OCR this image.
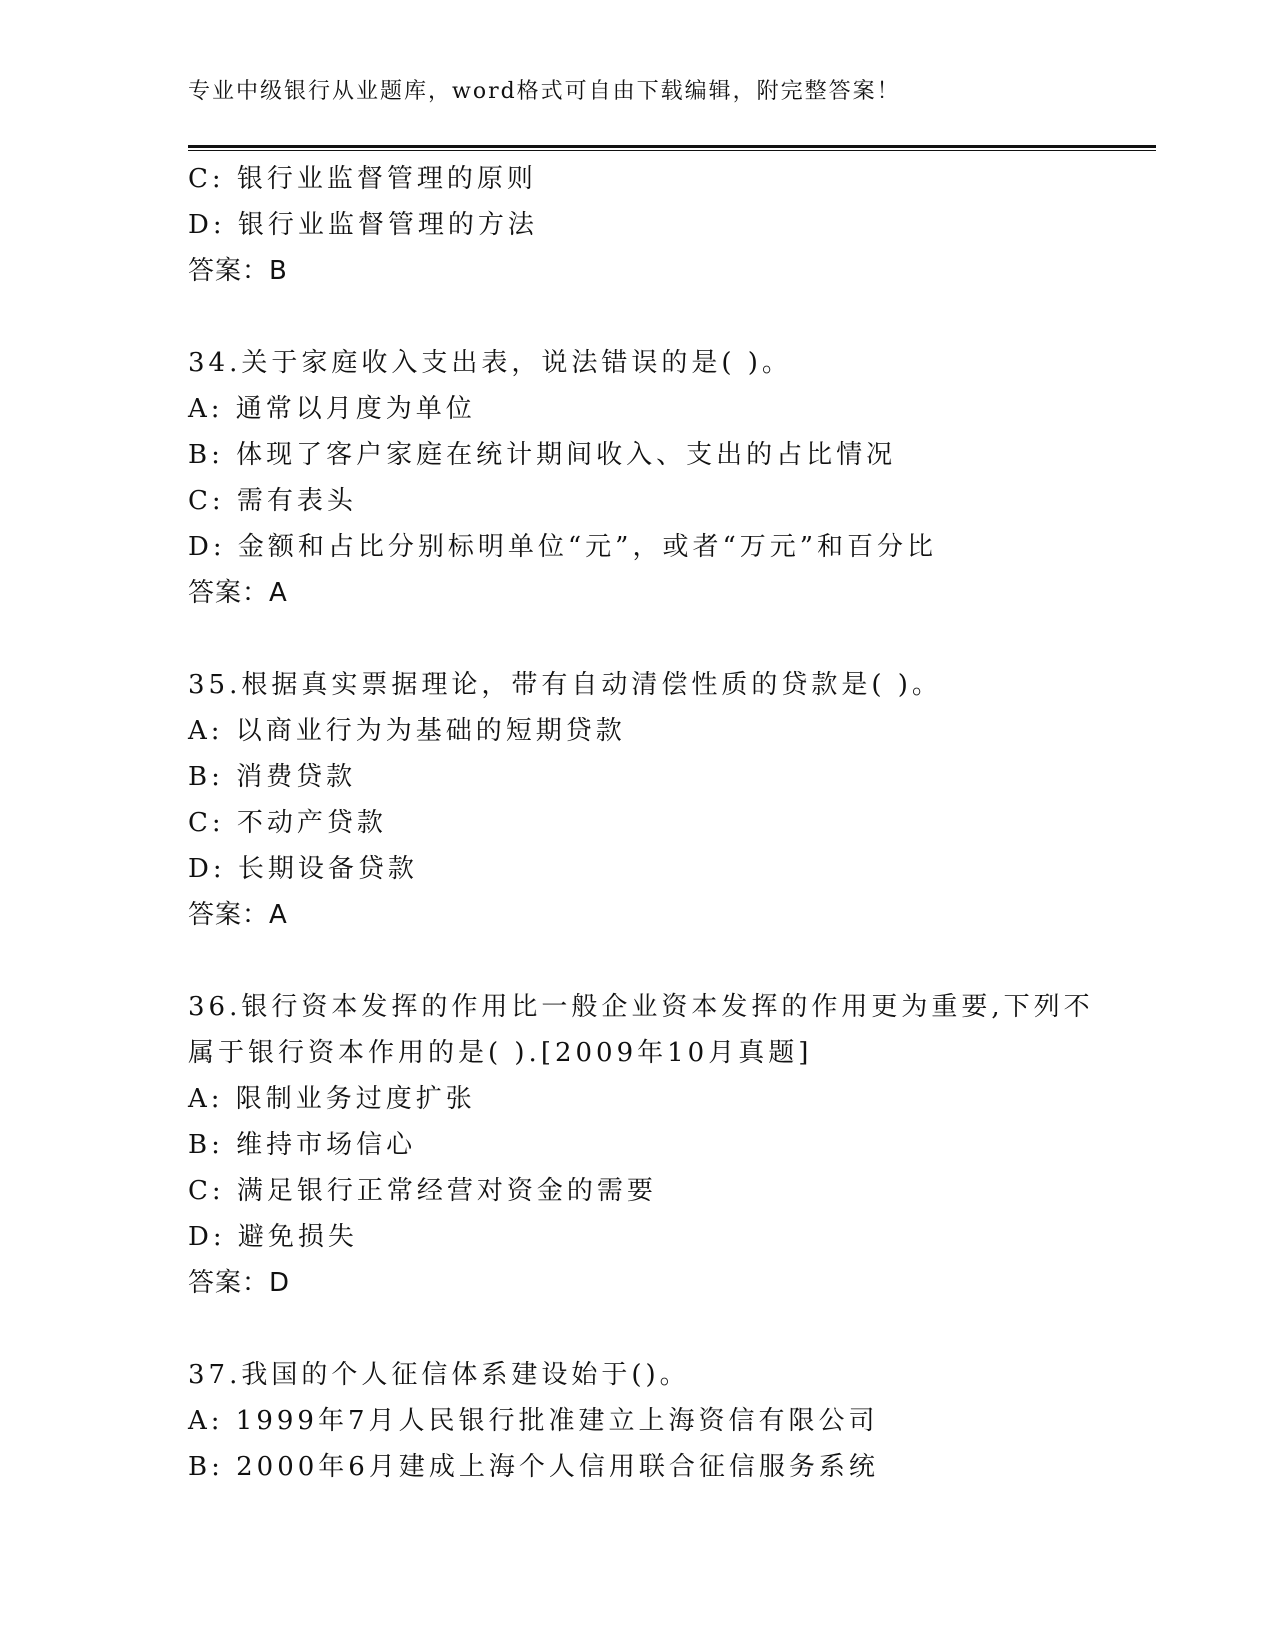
专业中级银行从业题库，word格式可自由下载编辑，附完整答案！
C: 银行业监督管理的原则
D: 银行业监督管理的方法
答案：B
34.关于家庭收入支出表，说法错误的是( )。
A: 通常以月度为单位
B: 体现了客户家庭在统计期间收入、支出的占比情况
C: 需有表头
D: 金额和占比分别标明单位“元”，或者“万元”和百分比
答案：A
35.根据真实票据理论，带有自动清偿性质的贷款是( )。
A: 以商业行为为基础的短期贷款
B: 消费贷款
C: 不动产贷款
D: 长期设备贷款
答案：A
36.银行资本发挥的作用比一般企业资本发挥的作用更为重要,下列不
属于银行资本作用的是( ).[2009年10月真题]
A: 限制业务过度扩张
B: 维持市场信心
C: 满足银行正常经营对资金的需要
D: 避免损失
答案：D
37.我国的个人征信体系建设始于()。
A: 1999年7月人民银行批准建立上海资信有限公司
B: 2000年6月建成上海个人信用联合征信服务系统
